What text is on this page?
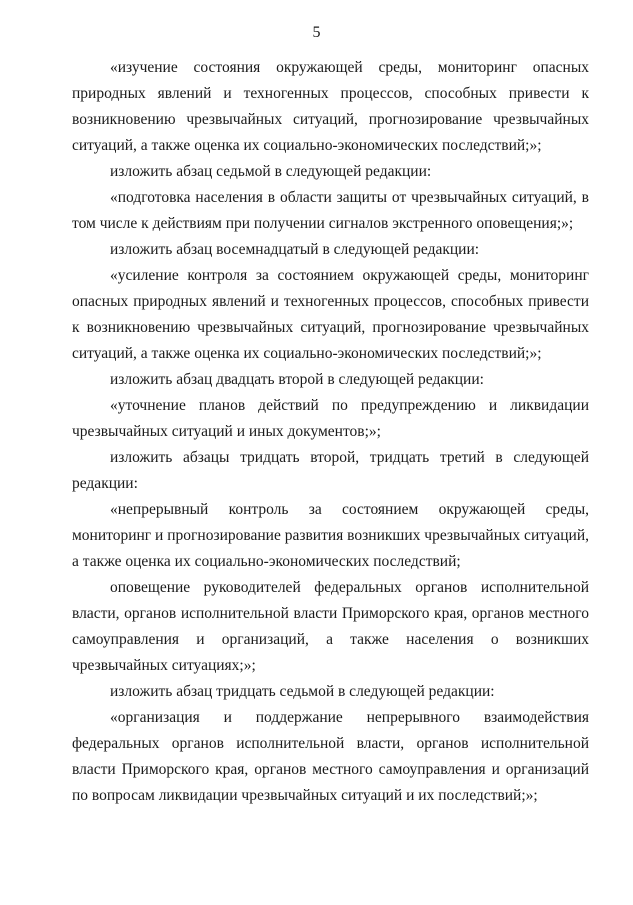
5

«изучение состояния окружающей среды, мониторинг опасных природных явлений и техногенных процессов, способных привести к возникновению чрезвычайных ситуаций, прогнозирование чрезвычайных ситуаций, а также оценка их социально-экономических последствий;»;

изложить абзац седьмой в следующей редакции:

«подготовка населения в области защиты от чрезвычайных ситуаций, в том числе к действиям при получении сигналов экстренного оповещения;»;

изложить абзац восемнадцатый в следующей редакции:

«усиление контроля за состоянием окружающей среды, мониторинг опасных природных явлений и техногенных процессов, способных привести к возникновению чрезвычайных ситуаций, прогнозирование чрезвычайных ситуаций, а также оценка их социально-экономических последствий;»;

изложить абзац двадцать второй в следующей редакции:

«уточнение планов действий по предупреждению и ликвидации чрезвычайных ситуаций и иных документов;»;

изложить абзацы тридцать второй, тридцать третий в следующей редакции:

«непрерывный контроль за состоянием окружающей среды, мониторинг и прогнозирование развития возникших чрезвычайных ситуаций, а также оценка их социально-экономических последствий;

оповещение руководителей федеральных органов исполнительной власти, органов исполнительной власти Приморского края, органов местного самоуправления и организаций, а также населения о возникших чрезвычайных ситуациях;»;

изложить абзац тридцать седьмой в следующей редакции:

«организация и поддержание непрерывного взаимодействия федеральных органов исполнительной власти, органов исполнительной власти Приморского края, органов местного самоуправления и организаций по вопросам ликвидации чрезвычайных ситуаций и их последствий;»;
